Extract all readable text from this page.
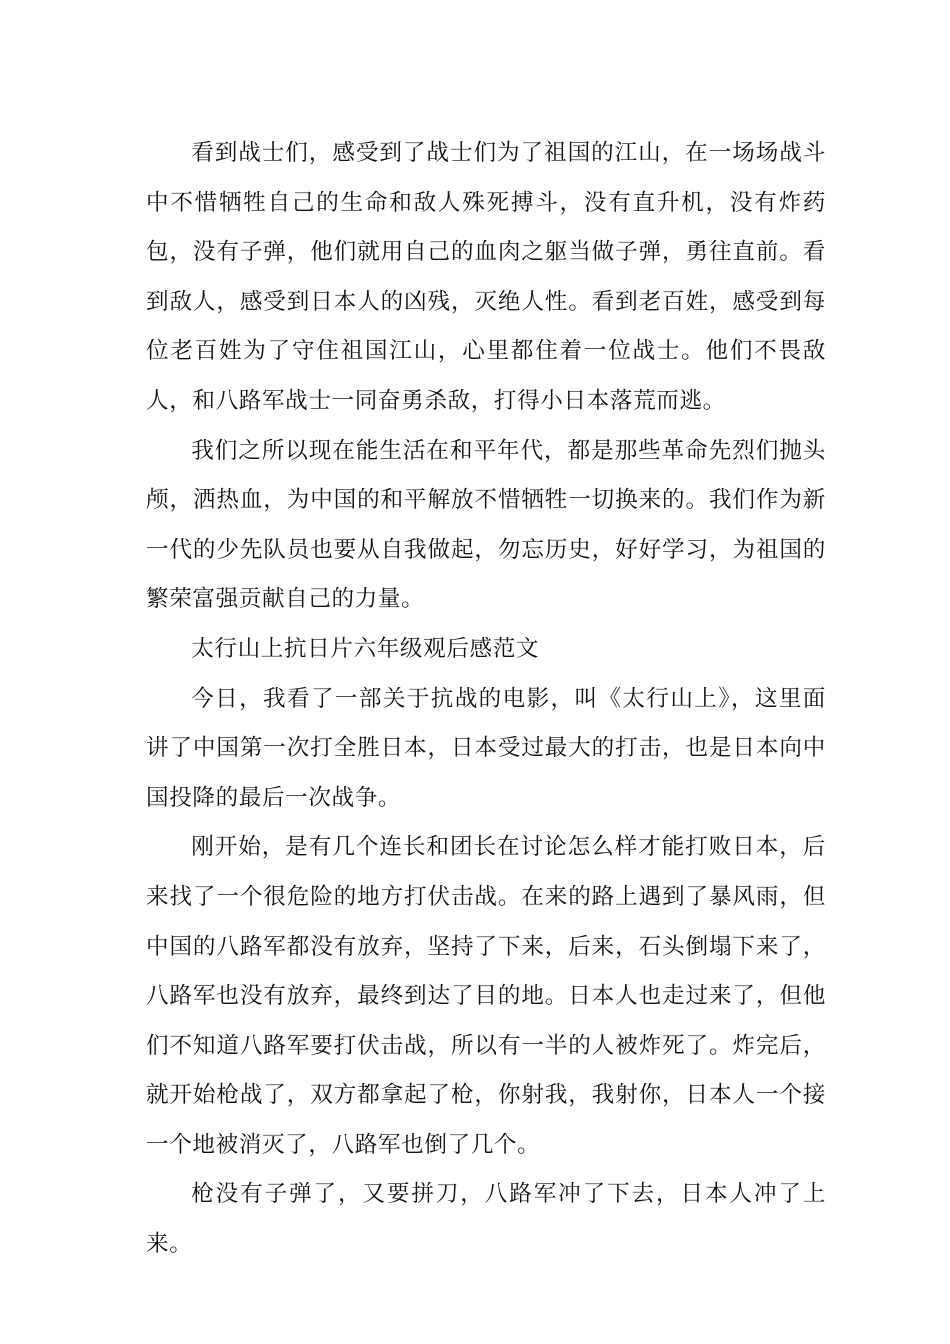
看到战士们，感受到了战士们为了祖国的江山，在一场场战斗中不惜牺牲自己的生命和敌人殊死搏斗，没有直升机，没有炸药包，没有子弹，他们就用自己的血肉之躯当做子弹，勇往直前。看到敌人，感受到日本人的凶残，灭绝人性。看到老百姓，感受到每位老百姓为了守住祖国江山，心里都住着一位战士。他们不畏敌人，和八路军战士一同奋勇杀敌，打得小日本落荒而逃。

我们之所以现在能生活在和平年代，都是那些革命先烈们抛头颅，洒热血，为中国的和平解放不惜牺牲一切换来的。我们作为新一代的少先队员也要从自我做起，勿忘历史，好好学习，为祖国的繁荣富强贡献自己的力量。

太行山上抗日片六年级观后感范文

今日，我看了一部关于抗战的电影，叫《太行山上》，这里面讲了中国第一次打全胜日本，日本受过最大的打击，也是日本向中国投降的最后一次战争。

刚开始，是有几个连长和团长在讨论怎么样才能打败日本，后来找了一个很危险的地方打伏击战。在来的路上遇到了暴风雨，但中国的八路军都没有放弃，坚持了下来，后来，石头倒塌下来了，八路军也没有放弃，最终到达了目的地。日本人也走过来了，但他们不知道八路军要打伏击战，所以有一半的人被炸死了。炸完后，就开始枪战了，双方都拿起了枪，你射我，我射你，日本人一个接一个地被消灭了，八路军也倒了几个。

枪没有子弹了，又要拼刀，八路军冲了下去，日本人冲了上来。
